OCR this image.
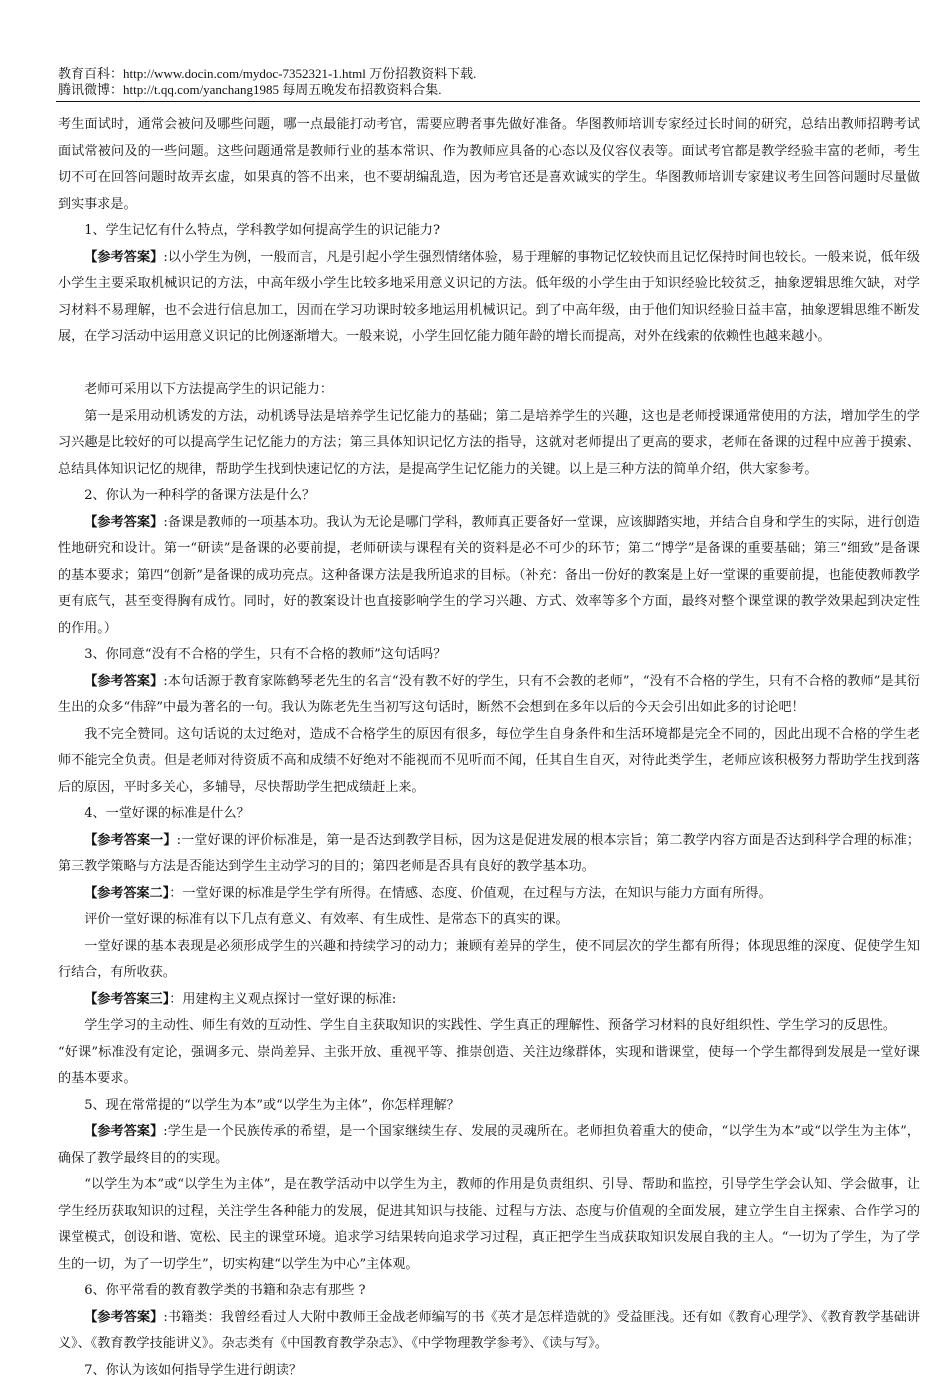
教育百科：http://www.docin.com/mydoc-7352321-1.html 万份招教资料下载.
腾讯微博：http://t.qq.com/yanchang1985 每周五晚发布招教资料合集.

考生面试时，通常会被问及哪些问题，哪一点最能打动考官，需要应聘者事先做好准备。华图教师培训专家经过长时间的研究，总结出教师招聘考试面试常被问及的一些问题。这些问题通常是教师行业的基本常识、作为教师应具备的心态以及仪容仪表等。面试考官都是教学经验丰富的老师，考生切不可在回答问题时故弄玄虚，如果真的答不出来，也不要胡编乱造，因为考官还是喜欢诚实的学生。华图教师培训专家建议考生回答问题时尽量做到实事求是。

1、学生记忆有什么特点，学科教学如何提高学生的识记能力?

【参考答案】:以小学生为例，一般而言，凡是引起小学生强烈情绪体验，易于理解的事物记忆较快而且记忆保持时间也较长。一般来说，低年级小学生主要采取机械识记的方法，中高年级小学生比较多地采用意义识记的方法。低年级的小学生由于知识经验比较贫乏，抽象逻辑思维欠缺，对学习材料不易理解，也不会进行信息加工，因而在学习功课时较多地运用机械识记。到了中高年级，由于他们知识经验日益丰富，抽象逻辑思维不断发展，在学习活动中运用意义识记的比例逐渐增大。一般来说，小学生回忆能力随年龄的增长而提高，对外在线索的依赖性也越来越小。

老师可采用以下方法提高学生的识记能力：

第一是采用动机诱发的方法，动机诱导法是培养学生记忆能力的基础；第二是培养学生的兴趣，这也是老师授课通常使用的方法，增加学生的学习兴趣是比较好的可以提高学生记忆能力的方法；第三具体知识记忆方法的指导，这就对老师提出了更高的要求，老师在备课的过程中应善于摸索、总结具体知识记忆的规律，帮助学生找到快速记忆的方法，是提高学生记忆能力的关键。以上是三种方法的简单介绍，供大家参考。

2、你认为一种科学的备课方法是什么？

【参考答案】:备课是教师的一项基本功。我认为无论是哪门学科，教师真正要备好一堂课，应该脚踏实地，并结合自身和学生的实际，进行创造性地研究和设计。第一“研读”是备课的必要前提，老师研读与课程有关的资料是必不可少的环节；第二“博学”是备课的重要基础；第三“细致”是备课的基本要求；第四“创新”是备课的成功亮点。这种备课方法是我所追求的目标。（补充：备出一份好的教案是上好一堂课的重要前提，也能使教师教学更有底气，甚至变得胸有成竹。同时，好的教案设计也直接影响学生的学习兴趣、方式、效率等多个方面，最终对整个课堂课的教学效果起到决定性的作用。）

3、你同意“没有不合格的学生，只有不合格的教师”这句话吗？

【参考答案】:本句话源于教育家陈鹤琴老先生的名言“没有教不好的学生，只有不会教的老师”，“没有不合格的学生，只有不合格的教师”是其衍生出的众多“伟辞”中最为著名的一句。我认为陈老先生当初写这句话时，断然不会想到在多年以后的今天会引出如此多的讨论吧！

我不完全赞同。这句话说的太过绝对，造成不合格学生的原因有很多，每位学生自身条件和生活环境都是完全不同的，因此出现不合格的学生老师不能完全负责。但是老师对待资质不高和成绩不好绝对不能视而不见听而不闻，任其自生自灭，对待此类学生，老师应该积极努力帮助学生找到落后的原因，平时多关心，多辅导，尽快帮助学生把成绩赶上来。

4、一堂好课的标准是什么？

【参考答案一】:一堂好课的评价标准是，第一是否达到教学目标，因为这是促进发展的根本宗旨；第二教学内容方面是否达到科学合理的标准；第三教学策略与方法是否能达到学生主动学习的目的；第四老师是否具有良好的教学基本功。

【参考答案二】：一堂好课的标准是学生学有所得。在情感、态度、价值观，在过程与方法，在知识与能力方面有所得。

评价一堂好课的标准有以下几点有意义、有效率、有生成性、是常态下的真实的课。

一堂好课的基本表现是必须形成学生的兴趣和持续学习的动力；兼顾有差异的学生，使不同层次的学生都有所得；体现思维的深度、促使学生知行结合，有所收获。

【参考答案三】：用建构主义观点探讨一堂好课的标准:

学生学习的主动性、师生有效的互动性、学生自主获取知识的实践性、学生真正的理解性、预备学习材料的良好组织性、学生学习的反思性。

“好课”标准没有定论，强调多元、崇尚差异、主张开放、重视平等、推崇创造、关注边缘群体，实现和谐课堂，使每一个学生都得到发展是一堂好课的基本要求。

5、现在常常提的“以学生为本”或“以学生为主体”，你怎样理解？

【参考答案】:学生是一个民族传承的希望，是一个国家继续生存、发展的灵魂所在。老师担负着重大的使命，“以学生为本”或“以学生为主体”，确保了教学最终目的的实现。

“以学生为本”或“以学生为主体”，是在教学活动中以学生为主，教师的作用是负责组织、引导、帮助和监控，引导学生学会认知、学会做事，让学生经历获取知识的过程，关注学生各种能力的发展，促进其知识与技能、过程与方法、态度与价值观的全面发展，建立学生自主探索、合作学习的课堂模式，创设和谐、宽松、民主的课堂环境。追求学习结果转向追求学习过程，真正把学生当成获取知识发展自我的主人。“一切为了学生，为了学生的一切，为了一切学生”，切实构建“以学生为中心”主体观。

6、你平常看的教育教学类的书籍和杂志有那些 ?

【参考答案】:书籍类：我曾经看过人大附中教师王金战老师编写的书《英才是怎样造就的》受益匪浅。还有如《教育心理学》、《教育教学基础讲义》、《教育教学技能讲义》。杂志类有《中国教育教学杂志》、《中学物理教学参考》、《读与写》。

7、你认为该如何指导学生进行朗读？
